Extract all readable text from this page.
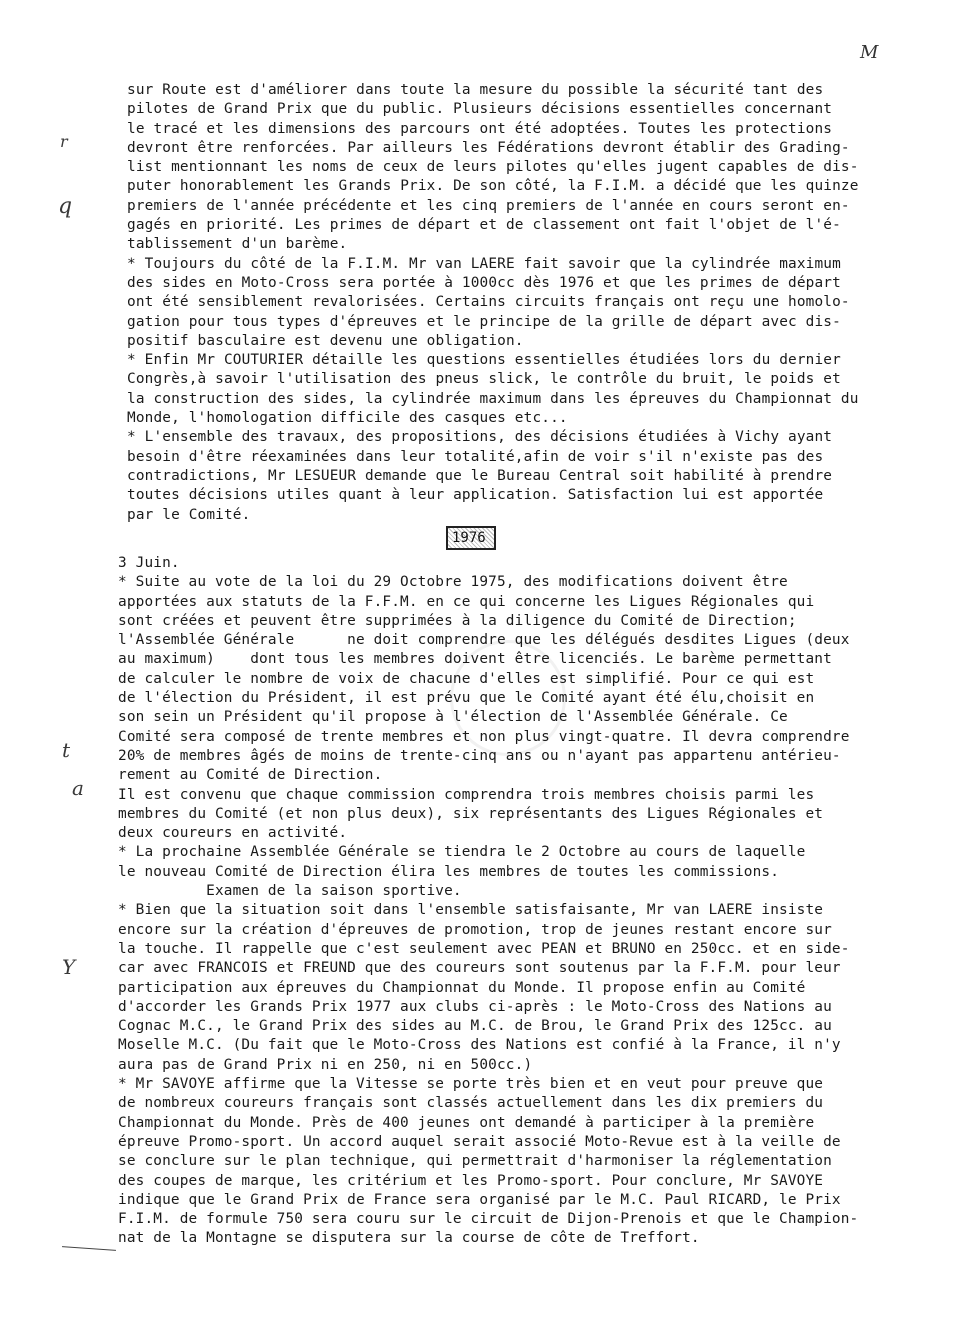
M
r
q
t
a
Y
sur Route est d'améliorer dans toute la mesure du possible la sécurité tant des
pilotes de Grand Prix que du public. Plusieurs décisions essentielles concernant
le tracé et les dimensions des parcours ont été adoptées. Toutes les protections
devront être renforcées. Par ailleurs les Fédérations devront établir des Grading-
list mentionnant les noms de ceux de leurs pilotes qu'elles jugent capables de dis-
puter honorablement les Grands Prix. De son côté, la F.I.M. a décidé que les quinze
premiers de l'année précédente et les cinq premiers de l'année en cours seront en-
gagés en priorité. Les primes de départ et de classement ont fait l'objet de l'é-
tablissement d'un barème.
* Toujours du côté de la F.I.M. Mr van LAERE fait savoir que la cylindrée maximum
des sides en Moto-Cross sera portée à 1000cc dès 1976 et que les primes de départ
ont été sensiblement revalorisées. Certains circuits français ont reçu une homolo-
gation pour tous types d'épreuves et le principe de la grille de départ avec dis-
positif basculaire est devenu une obligation.
* Enfin Mr COUTURIER détaille les questions essentielles étudiées lors du dernier
Congrès,à savoir l'utilisation des pneus slick, le contrôle du bruit, le poids et
la construction des sides, la cylindrée maximum dans les épreuves du Championnat du
Monde, l'homologation difficile des casques etc...
* L'ensemble des travaux, des propositions, des décisions étudiées à Vichy ayant
besoin d'être réexaminées dans leur totalité,afin de voir s'il n'existe pas des
contradictions, Mr LESUEUR demande que le Bureau Central soit habilité à prendre
toutes décisions utiles quant à leur application. Satisfaction lui est apportée
par le Comité.
1976
3 Juin.
* Suite au vote de la loi du 29 Octobre 1975, des modifications doivent être
apportées aux statuts de la F.F.M. en ce qui concerne les Ligues Régionales qui
sont créées et peuvent être supprimées à la diligence du Comité de Direction;
l'Assemblée Générale      ne doit comprendre que les délégués desdites Ligues (deux
au maximum)    dont tous les membres doivent être licenciés. Le barème permettant
de calculer le nombre de voix de chacune d'elles est simplifié. Pour ce qui est
de l'élection du Président, il est prévu que le Comité ayant été élu,choisit en
son sein un Président qu'il propose à l'élection de l'Assemblée Générale. Ce
Comité sera composé de trente membres et non plus vingt-quatre. Il devra comprendre
20% de membres âgés de moins de trente-cinq ans ou n'ayant pas appartenu antérieu-
rement au Comité de Direction.
Il est convenu que chaque commission comprendra trois membres choisis parmi les
membres du Comité (et non plus deux), six représentants des Ligues Régionales et
deux coureurs en activité.
* La prochaine Assemblée Générale se tiendra le 2 Octobre au cours de laquelle
le nouveau Comité de Direction élira les membres de toutes les commissions.
Examen de la saison sportive.
* Bien que la situation soit dans l'ensemble satisfaisante, Mr van LAERE insiste
encore sur la création d'épreuves de promotion, trop de jeunes restant encore sur
la touche. Il rappelle que c'est seulement avec PEAN et BRUNO en 250cc. et en side-
car avec FRANCOIS et FREUND que des coureurs sont soutenus par la F.F.M. pour leur
participation aux épreuves du Championnat du Monde. Il propose enfin au Comité
d'accorder les Grands Prix 1977 aux clubs ci-après : le Moto-Cross des Nations au
Cognac M.C., le Grand Prix des sides au M.C. de Brou, le Grand Prix des 125cc. au
Moselle M.C. (Du fait que le Moto-Cross des Nations est confié à la France, il n'y
aura pas de Grand Prix ni en 250, ni en 500cc.)
* Mr SAVOYE affirme que la Vitesse se porte très bien et en veut pour preuve que
de nombreux coureurs français sont classés actuellement dans les dix premiers du
Championnat du Monde. Près de 400 jeunes ont demandé à participer à la première
épreuve Promo-sport. Un accord auquel serait associé Moto-Revue est à la veille de
se conclure sur le plan technique, qui permettrait d'harmoniser la réglementation
des coupes de marque, les critérium et les Promo-sport. Pour conclure, Mr SAVOYE
indique que le Grand Prix de France sera organisé par le M.C. Paul RICARD, le Prix
F.I.M. de formule 750 sera couru sur le circuit de Dijon-Prenois et que le Champion-
nat de la Montagne se disputera sur la course de côte de Treffort.
